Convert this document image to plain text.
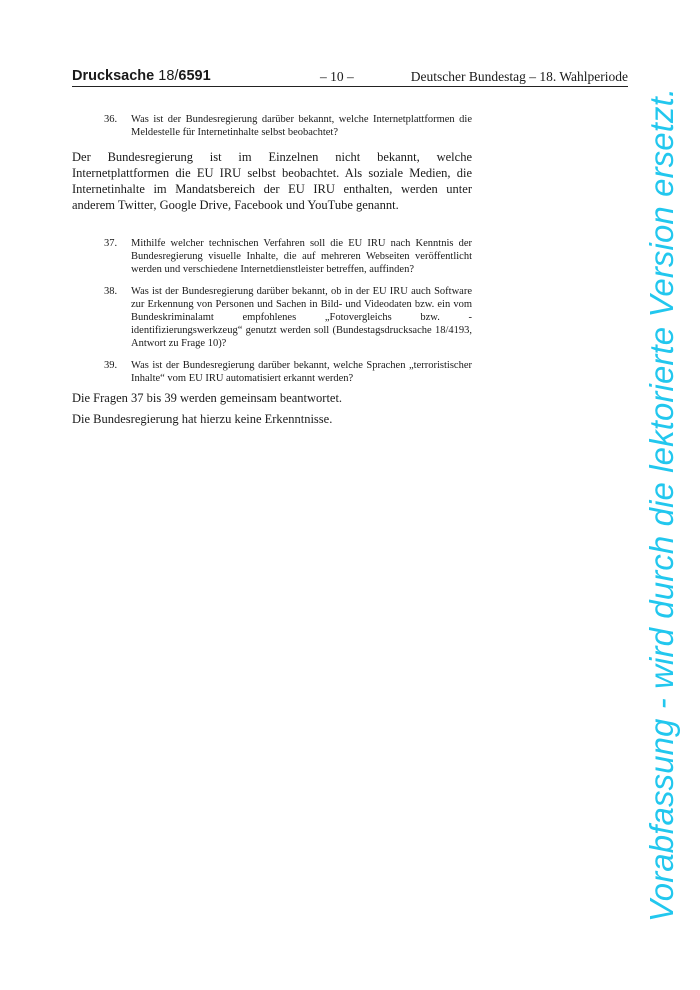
Drucksache 18/6591	– 10 –	Deutscher Bundestag – 18. Wahlperiode
36. Was ist der Bundesregierung darüber bekannt, welche Internetplattformen die Meldestelle für Internetinhalte selbst beobachtet?
Der Bundesregierung ist im Einzelnen nicht bekannt, welche Internetplattformen die EU IRU selbst beobachtet. Als soziale Medien, die Internetinhalte im Mandatsbereich der EU IRU enthalten, werden unter anderem Twitter, Google Drive, Facebook und YouTube genannt.
37. Mithilfe welcher technischen Verfahren soll die EU IRU nach Kenntnis der Bundesregierung visuelle Inhalte, die auf mehreren Webseiten veröffentlicht werden und verschiedene Internetdienstleister betreffen, auffinden?
38. Was ist der Bundesregierung darüber bekannt, ob in der EU IRU auch Software zur Erkennung von Personen und Sachen in Bild- und Videodaten bzw. ein vom Bundeskriminalamt empfohlenes „Fotovergleichs bzw. -identifizierungswerkzeug“ genutzt werden soll (Bundestagsdrucksache 18/4193, Antwort zu Frage 10)?
39. Was ist der Bundesregierung darüber bekannt, welche Sprachen „terroristischer Inhalte“ vom EU IRU automatisiert erkannt werden?
Die Fragen 37 bis 39 werden gemeinsam beantwortet.
Die Bundesregierung hat hierzu keine Erkenntnisse.	Vorabfassung - wird durch die lektorierte Version ersetzt.
